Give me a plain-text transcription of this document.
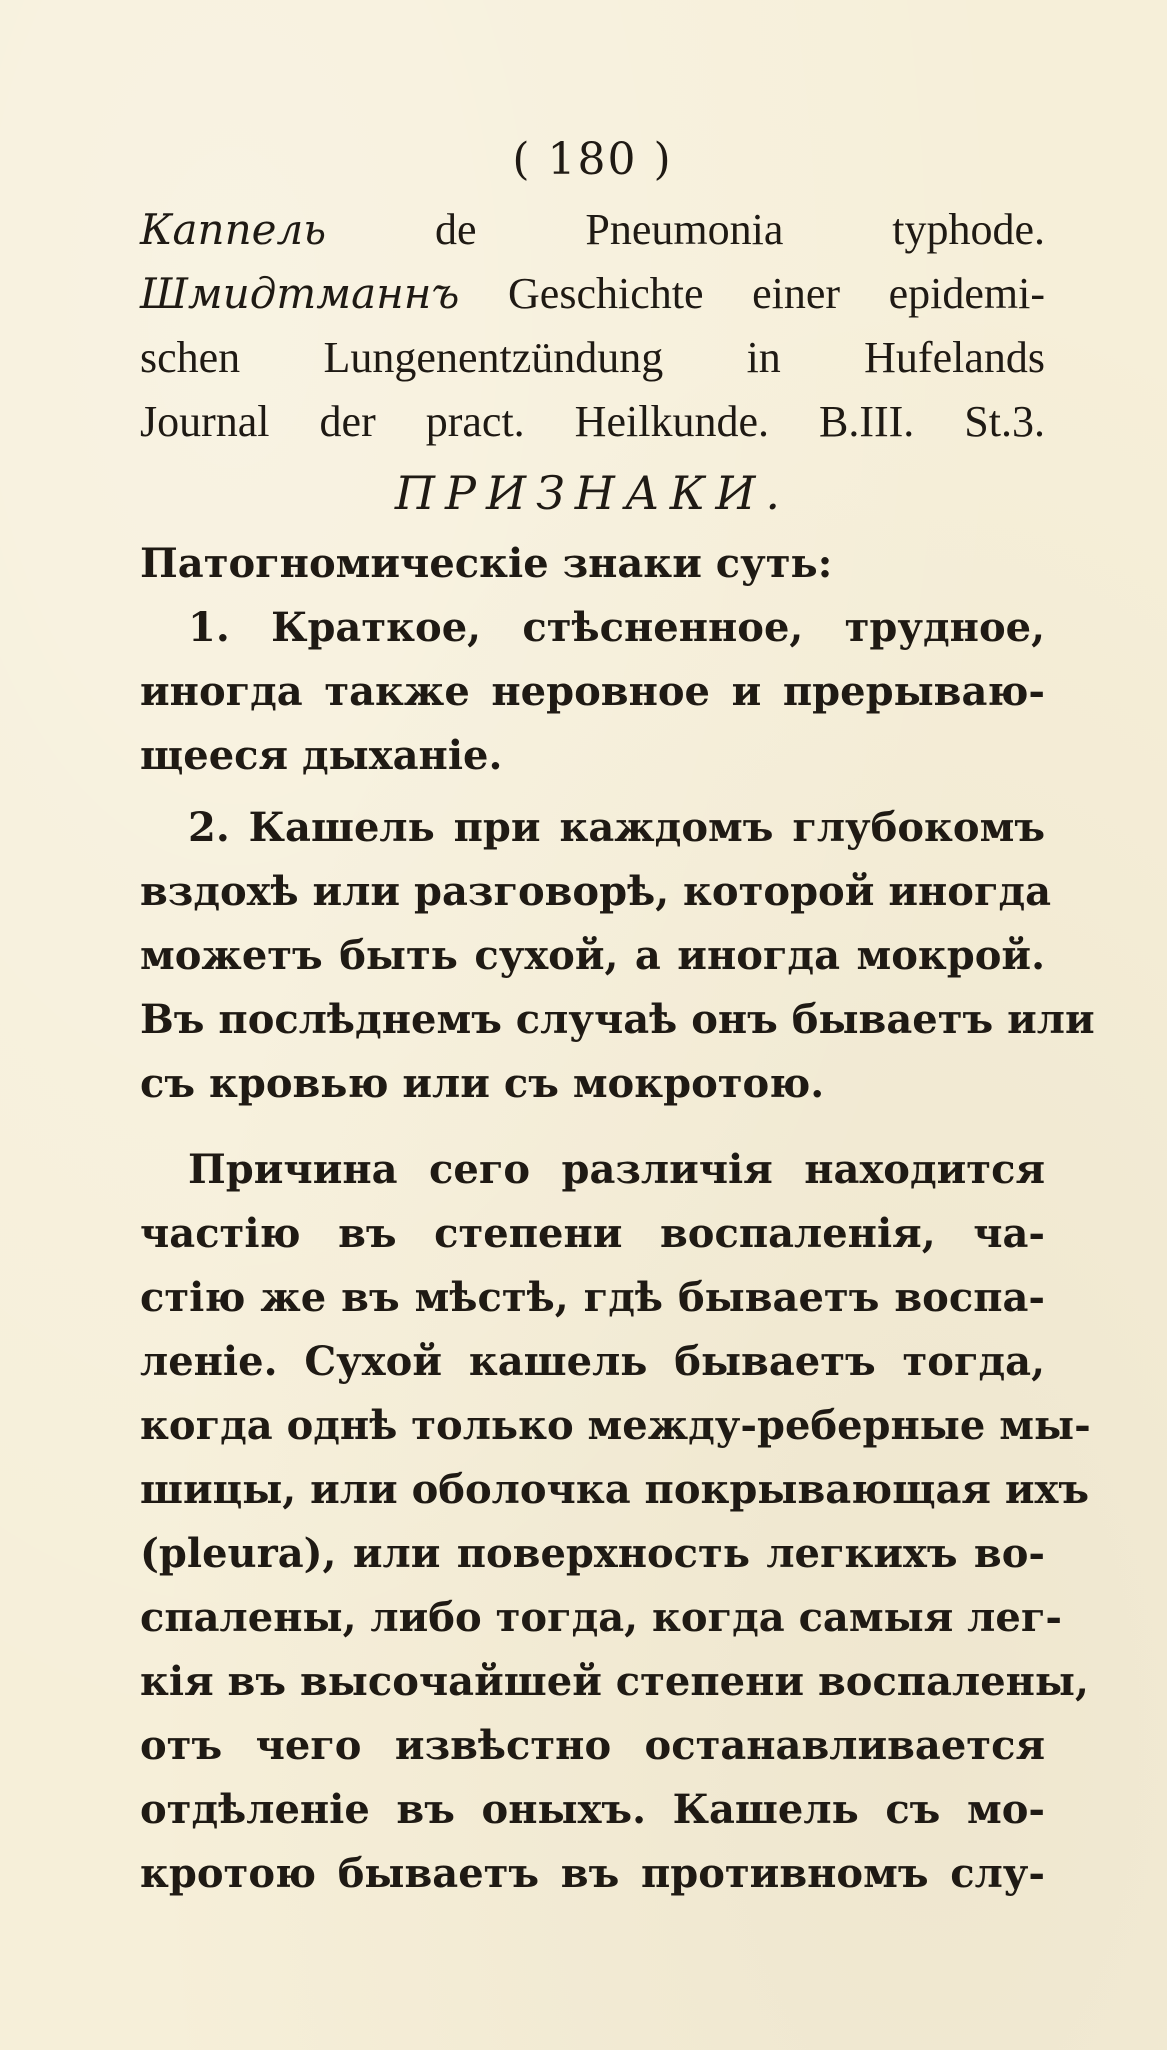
( 180 )
Каппель de Pneumonia typhode.
Шмидтманнъ Geschichte einer epidemi-
schen Lungenentzündung in Hufelands
Journal der pract. Heilkunde. B.III. St.3.
ПРИЗНАКИ.
Патогномическіе знаки суть:
1. Краткое, стѣсненное, трудное,
иногда также неровное и прерываю-
щееся дыханіе.
2. Кашель при каждомъ глубокомъ
вздохѣ или разговорѣ, которой иногда
можетъ быть сухой, а иногда мокрой.
Въ послѣднемъ случаѣ онъ бываетъ или
съ кровью или съ мокротою.
Причина сего различія находится
частію въ степени воспаленія, ча-
стію же въ мѣстѣ, гдѣ бываетъ воспа-
леніе. Сухой кашель бываетъ тогда,
когда однѣ только между-реберные мы-
шицы, или оболочка покрывающая ихъ
(pleura), или поверхность легкихъ во-
спалены, либо тогда, когда самыя лег-
кія въ высочайшей степени воспалены,
отъ чего извѣстно останавливается
отдѣленіе въ оныхъ. Кашель съ мо-
кротою бываетъ въ противномъ слу-
